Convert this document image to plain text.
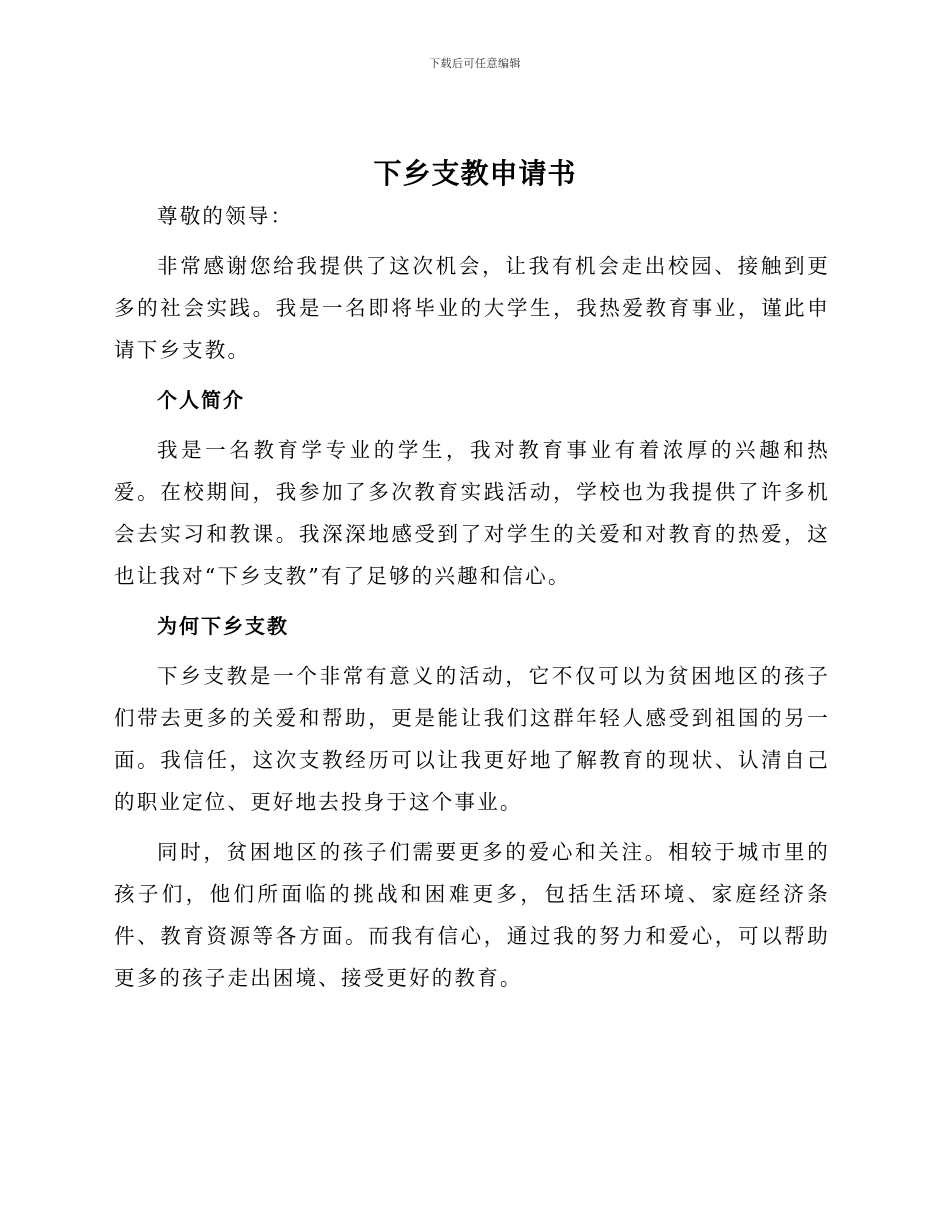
下载后可任意编辑
下乡支教申请书

尊敬的领导：

非常感谢您给我提供了这次机会，让我有机会走出校园、接触到更多的社会实践。我是一名即将毕业的大学生，我热爱教育事业，谨此申请下乡支教。

个人简介

我是一名教育学专业的学生，我对教育事业有着浓厚的兴趣和热爱。在校期间，我参加了多次教育实践活动，学校也为我提供了许多机会去实习和教课。我深深地感受到了对学生的关爱和对教育的热爱，这也让我对“下乡支教”有了足够的兴趣和信心。

为何下乡支教

下乡支教是一个非常有意义的活动，它不仅可以为贫困地区的孩子们带去更多的关爱和帮助，更是能让我们这群年轻人感受到祖国的另一面。我信任，这次支教经历可以让我更好地了解教育的现状、认清自己的职业定位、更好地去投身于这个事业。

同时，贫困地区的孩子们需要更多的爱心和关注。相较于城市里的孩子们，他们所面临的挑战和困难更多，包括生活环境、家庭经济条件、教育资源等各方面。而我有信心，通过我的努力和爱心，可以帮助更多的孩子走出困境、接受更好的教育。
